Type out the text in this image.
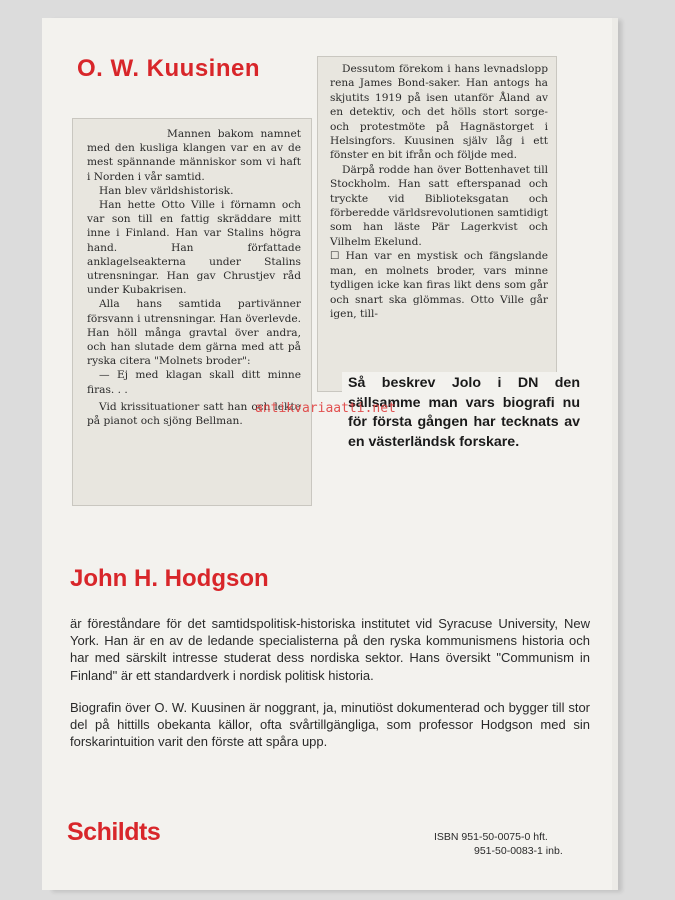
O. W. Kuusinen

Mannen bakom namnet med den kusliga klangen var en av de mest spännande människor som vi haft i Norden i vår samtid.

Han blev världshistorisk.

Han hette Otto Ville i förnamn och var son till en fattig skräddare mitt inne i Finland. Han var Stalins högra hand. Han författade anklagelseakterna under Stalins utrensningar. Han gav Chrustjev råd under Kubakrisen.

Alla hans samtida partivänner försvann i utrensningar. Han överlevde. Han höll många gravtal över andra, och han slutade dem gärna med att på ryska citera "Molnets broder":

— Ej med klagan skall ditt minne firas. . .

Vid krissituationer satt han och lekte på pianot och sjöng Bellman.

Dessutom förekom i hans levnadslopp rena James Bond-saker. Han antogs ha skjutits 1919 på isen utanför Åland av en detektiv, och det hölls stort sorge- och protestmöte på Hagnästorget i Helsingfors. Kuusinen själv låg i ett fönster en bit ifrån och följde med.

Därpå rodde han över Bottenhavet till Stockholm. Han satt efterspanad och tryckte vid Biblioteksgatan och förberedde världsrevolutionen samtidigt som han läste Pär Lagerkvist och Vilhelm Ekelund.

☐ Han var en mystisk och fängslande man, en molnets broder, vars minne tydligen icke kan firas likt dens som går och snart ska glömmas. Otto Ville går igen, till-

Så beskrev Jolo i DN den sällsamme man vars biografi nu för första gången har tecknats av en västerländsk forskare.
antikvariaatti.net
John H. Hodgson

är föreståndare för det samtidspolitisk-historiska institutet vid Syracuse University, New York. Han är en av de ledande specialisterna på den ryska kommunismens historia och har med särskilt intresse studerat dess nordiska sektor. Hans översikt "Communism in Finland" är ett standardverk i nordisk politisk historia.

Biografin över O. W. Kuusinen är noggrant, ja, minutiöst dokumenterad och bygger till stor del på hittills obekanta källor, ofta svårtillgängliga, som professor Hodgson med sin forskarintuition varit den förste att spåra upp.

Schildts	ISBN 951-50-0075-0 hft.
951-50-0083-1 inb.
